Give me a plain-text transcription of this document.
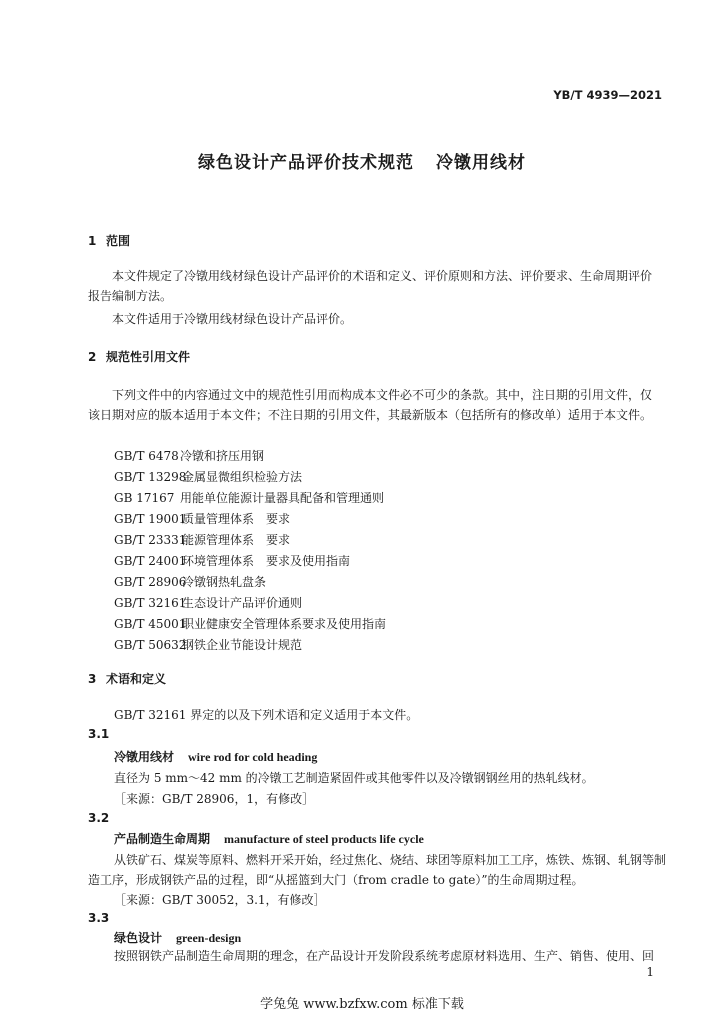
YB/T 4939—2021
绿色设计产品评价技术规范 冷镦用线材
1 范围
本文件规定了冷镦用线材绿色设计产品评价的术语和定义、评价原则和方法、评价要求、生命周期评价报告编制方法。
本文件适用于冷镦用线材绿色设计产品评价。
2 规范性引用文件
下列文件中的内容通过文中的规范性引用而构成本文件必不可少的条款。其中，注日期的引用文件，仅该日期对应的版本适用于本文件；不注日期的引用文件，其最新版本（包括所有的修改单）适用于本文件。
GB/T 6478冷镦和挤压用钢
GB/T 13298金属显微组织检验方法
GB 17167 用能单位能源计量器具配备和管理通则
GB/T 19001质量管理体系　要求
GB/T 23331能源管理体系　要求
GB/T 24001环境管理体系　要求及使用指南
GB/T 28906冷镦钢热轧盘条
GB/T 32161生态设计产品评价通则
GB/T 45001职业健康安全管理体系要求及使用指南
GB/T 50632钢铁企业节能设计规范
3 术语和定义
GB/T 32161 界定的以及下列术语和定义适用于本文件。
3.1
冷镦用线材 wire rod for cold heading
直径为 5 mm～42 mm 的冷镦工艺制造紧固件或其他零件以及冷镦钢钢丝用的热轧线材。
［来源：GB/T 28906，1，有修改］
3.2
产品制造生命周期 manufacture of steel products life cycle
从铁矿石、煤炭等原料、燃料开采开始，经过焦化、烧结、球团等原料加工工序，炼铁、炼钢、轧钢等制
造工序，形成钢铁产品的过程，即“从摇篮到大门（from cradle to gate）”的生命周期过程。
［来源：GB/T 30052，3.1，有修改］
3.3
绿色设计 green-design
按照钢铁产品制造生命周期的理念，在产品设计开发阶段系统考虑原材料选用、生产、销售、使用、回
1
学兔兔 www.bzfxw.com 标准下载
